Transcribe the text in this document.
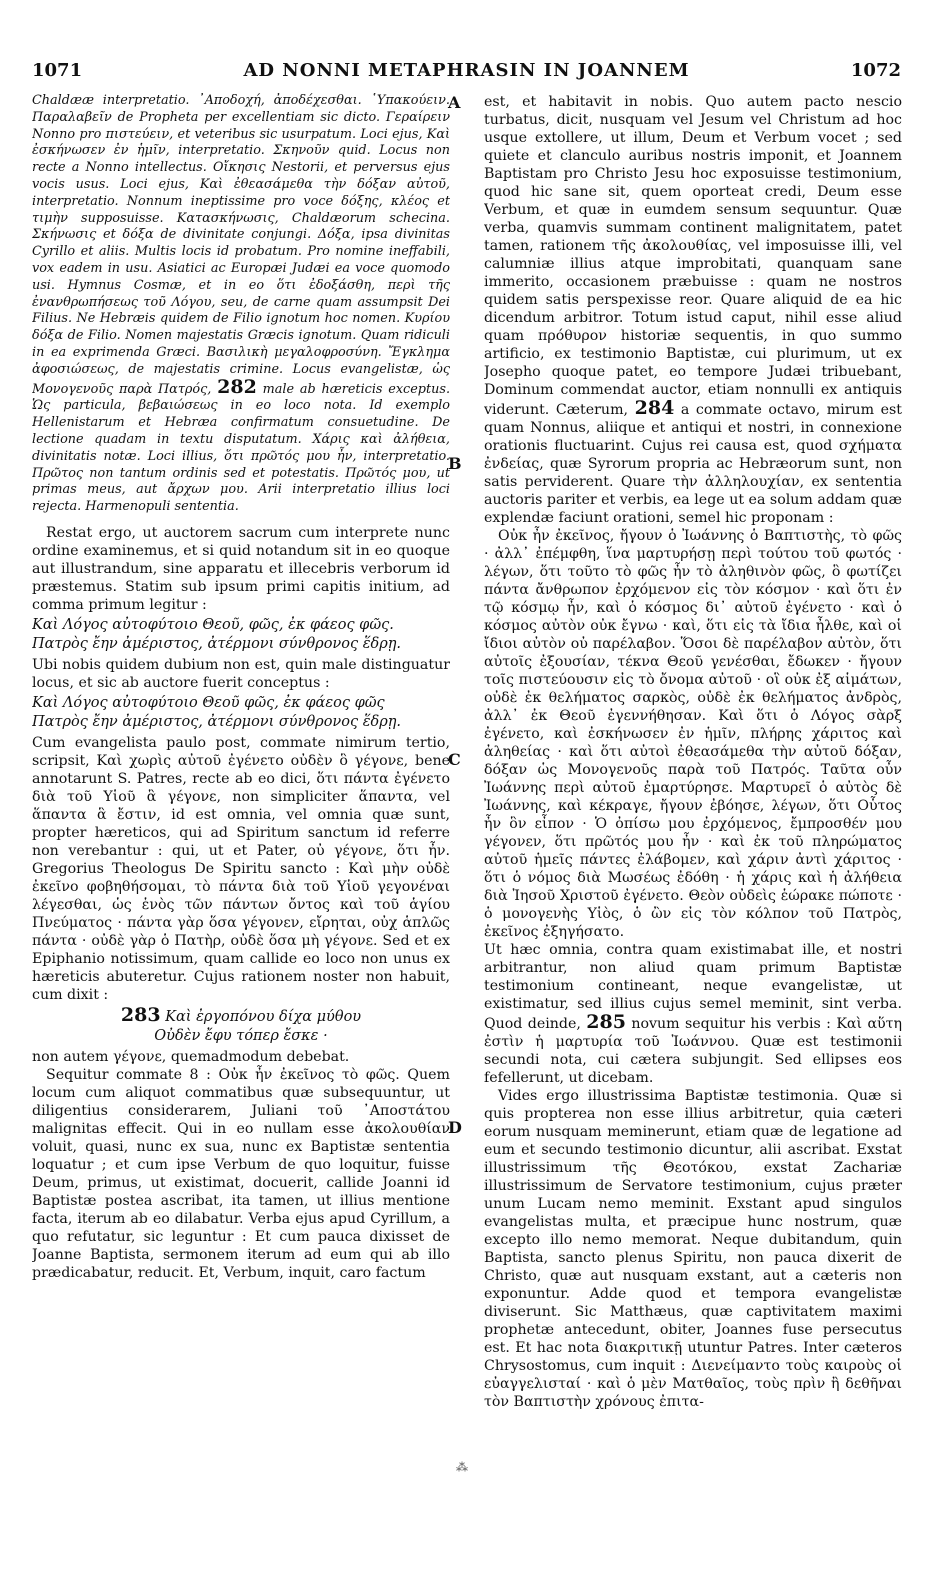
1071	AD NONNI METAPHRASIN IN JOANNEM	1072
A
B
C
D

Chaldææ interpretatio. ᾿Αποδοχή, ἀποδέχεσθαι. ῾Υπακούειν. Παραλαβεῖν de Propheta per excellentiam sic dicto. Γεραίρειν Nonno pro πιστεύειν, et veteribus sic usurpatum. Loci ejus, Καὶ ἐσκήνωσεν ἐν ἡμῖν, interpretatio. Σκηνοῦν quid. Locus non recte a Nonno intellectus. Οἴκησις Nestorii, et perversus ejus vocis usus. Loci ejus, Καὶ ἐθεασάμεθα τὴν δόξαν αὐτοῦ, interpretatio. Nonnum ineptissime pro voce δόξης, κλέος et τιμὴν supposuisse. Κατασκήνωσις, Chaldæorum schecina. Σκήνωσις et δόξα de divinitate conjungi. Δόξα, ipsa divinitas Cyrillo et aliis. Multis locis id probatum. Pro nomine ineffabili, vox eadem in usu. Asiatici ac Europæi Judæi ea voce quomodo usi. Hymnus Cosmæ, et in eo ὅτι ἐδοξάσθη, περὶ τῆς ἐνανθρωπήσεως τοῦ Λόγου, seu, de carne quam assumpsit Dei Filius. Ne Hebræis quidem de Filio ignotum hoc nomen. Κυρίου δόξα de Filio. Nomen majestatis Græcis ignotum. Quam ridiculi in ea exprimenda Græci. Βασιλικὴ μεγαλοφροσύνη. Ἔγκλημα ἀφοσιώσεως, de majestatis crimine. Locus evangelistæ, ὡς Μονογενοῦς παρὰ Πατρός, 282 male ab hæreticis exceptus. Ὡς particula, βεβαιώσεως in eo loco nota. Id exemplo Hellenistarum et Hebræa confirmatum consuetudine. De lectione quadam in textu disputatum. Χάρις καὶ ἀλήθεια, divinitatis notæ. Loci illius, ὅτι πρῶτός μου ἦν, interpretatio. Πρῶτος non tantum ordinis sed et potestatis. Πρῶτός μου, ut primas meus, aut ἄρχων μου. Arii interpretatio illius loci rejecta. Harmenopuli sententia.

Restat ergo, ut auctorem sacrum cum interprete nunc ordine examinemus, et si quid notandum sit in eo quoque aut illustrandum, sine apparatu et illecebris verborum id præstemus. Statim sub ipsum primi capitis initium, ad comma primum legitur :

Καὶ Λόγος αὐτοφύτοιο Θεοῦ, φῶς, ἐκ φάεος φῶς.
Πατρὸς ἔην ἀμέριστος, ἀτέρμονι σύνθρονος ἕδρῃ.

Ubi nobis quidem dubium non est, quin male distinguatur locus, et sic ab auctore fuerit conceptus :

Καὶ Λόγος αὐτοφύτοιο Θεοῦ φῶς, ἐκ φάεος φῶς
Πατρὸς ἔην ἀμέριστος, ἀτέρμονι σύνθρονος ἕδρῃ.

Cum evangelista paulo post, commate nimirum tertio, scripsit, Καὶ χωρὶς αὐτοῦ ἐγένετο οὐδὲν ὃ γέγονε, bene annotarunt S. Patres, recte ab eo dici, ὅτι πάντα ἐγένετο διὰ τοῦ Υἱοῦ ἃ γέγονε, non simpliciter ἅπαντα, vel ἅπαντα ἃ ἔστιν, id est omnia, vel omnia quæ sunt, propter hæreticos, qui ad Spiritum sanctum id referre non verebantur : qui, ut et Pater, οὐ γέγονε, ὅτι ἦν. Gregorius Theologus De Spiritu sancto : Καὶ μὴν οὐδὲ ἐκεῖνο φοβηθήσομαι, τὸ πάντα διὰ τοῦ Υἱοῦ γεγονέναι λέγεσθαι, ὡς ἑνὸς τῶν πάντων ὄντος καὶ τοῦ ἁγίου Πνεύματος · πάντα γὰρ ὅσα γέγονεν, εἴρηται, οὐχ ἁπλῶς πάντα · οὐδὲ γὰρ ὁ Πατὴρ, οὐδὲ ὅσα μὴ γέγονε. Sed et ex Epiphanio notissimum, quam callide eo loco non unus ex hæreticis abuteretur. Cujus rationem noster non habuit, cum dixit :

283 Καὶ ἐργοπόνου δίχα μύθου
Οὐδὲν ἔφυ τόπερ ἔσκε ·

non autem γέγονε, quemadmodum debebat.

Sequitur commate 8 : Οὐκ ἦν ἐκεῖνος τὸ φῶς. Quem locum cum aliquot commatibus quæ subsequuntur, ut diligentius considerarem, Juliani τοῦ ᾿Αποστάτου malignitas effecit. Qui in eo nullam esse ἀκολουθίαν voluit, quasi, nunc ex sua, nunc ex Baptistæ sententia loquatur ; et cum ipse Verbum de quo loquitur, fuisse Deum, primus, ut existimat, docuerit, callide Joanni id Baptistæ postea ascribat, ita tamen, ut illius mentione facta, iterum ab eo dilabatur. Verba ejus apud Cyrillum, a quo refutatur, sic leguntur : Et cum pauca dixisset de Joanne Baptista, sermonem iterum ad eum qui ab illo prædicabatur, reducit. Et, Verbum, inquit, caro factum

est, et habitavit in nobis. Quo autem pacto nescio turbatus, dicit, nusquam vel Jesum vel Christum ad hoc usque extollere, ut illum, Deum et Verbum vocet ; sed quiete et clanculo auribus nostris imponit, et Joannem Baptistam pro Christo Jesu hoc exposuisse testimonium, quod hic sane sit, quem oporteat credi, Deum esse Verbum, et quæ in eumdem sensum sequuntur. Quæ verba, quamvis summam continent malignitatem, patet tamen, rationem τῆς ἀκολουθίας, vel imposuisse illi, vel calumniæ illius atque improbitati, quanquam sane immerito, occasionem præbuisse : quam ne nostros quidem satis perspexisse reor. Quare aliquid de ea hic dicendum arbitror. Totum istud caput, nihil esse aliud quam πρόθυρον historiæ sequentis, in quo summo artificio, ex testimonio Baptistæ, cui plurimum, ut ex Josepho quoque patet, eo tempore Judæi tribuebant, Dominum commendat auctor, etiam nonnulli ex antiquis viderunt. Cæterum, 284 a commate octavo, mirum est quam Nonnus, aliique et antiqui et nostri, in connexione orationis fluctuarint. Cujus rei causa est, quod σχήματα ἐνδείας, quæ Syrorum propria ac Hebræorum sunt, non satis perviderent. Quare τὴν ἀλληλουχίαν, ex sententia auctoris pariter et verbis, ea lege ut ea solum addam quæ explendæ faciunt orationi, semel hic proponam :

Οὐκ ἦν ἐκεῖνος, ἤγουν ὁ Ἰωάννης ὁ Βαπτιστὴς, τὸ φῶς · ἀλλ᾿ ἐπέμφθη, ἵνα μαρτυρήσῃ περὶ τούτου τοῦ φωτός · λέγων, ὅτι τοῦτο τὸ φῶς ἦν τὸ ἀληθινὸν φῶς, ὃ φωτίζει πάντα ἄνθρωπον ἐρχόμενον εἰς τὸν κόσμον · καὶ ὅτι ἐν τῷ κόσμῳ ἦν, καὶ ὁ κόσμος δι᾿ αὐτοῦ ἐγένετο · καὶ ὁ κόσμος αὐτὸν οὐκ ἔγνω · καὶ, ὅτι εἰς τὰ ἴδια ἦλθε, καὶ οἱ ἴδιοι αὐτὸν οὐ παρέλαβον. Ὅσοι δὲ παρέλαβον αὐτὸν, ὅτι αὐτοῖς ἐξουσίαν, τέκνα Θεοῦ γενέσθαι, ἔδωκεν · ἤγουν τοῖς πιστεύουσιν εἰς τὸ ὄνομα αὐτοῦ · οἳ οὐκ ἐξ αἱμάτων, οὐδὲ ἐκ θελήματος σαρκὸς, οὐδὲ ἐκ θελήματος ἀνδρὸς, ἀλλ᾿ ἐκ Θεοῦ ἐγεννήθησαν. Καὶ ὅτι ὁ Λόγος σὰρξ ἐγένετο, καὶ ἐσκήνωσεν ἐν ἡμῖν, πλήρης χάριτος καὶ ἀληθείας · καὶ ὅτι αὐτοὶ ἐθεασάμεθα τὴν αὐτοῦ δόξαν, δόξαν ὡς Μονογενοῦς παρὰ τοῦ Πατρός. Ταῦτα οὖν Ἰωάννης περὶ αὐτοῦ ἐμαρτύρησε. Μαρτυρεῖ ὁ αὐτὸς δὲ Ἰωάννης, καὶ κέκραγε, ἤγουν ἐβόησε, λέγων, ὅτι Οὗτος ἦν ὃν εἶπον · Ὁ ὀπίσω μου ἐρχόμενος, ἔμπροσθέν μου γέγονεν, ὅτι πρῶτός μου ἦν · καὶ ἐκ τοῦ πληρώματος αὐτοῦ ἡμεῖς πάντες ἐλάβομεν, καὶ χάριν ἀντὶ χάριτος · ὅτι ὁ νόμος διὰ Μωσέως ἐδόθη · ἡ χάρις καὶ ἡ ἀλήθεια διὰ Ἰησοῦ Χριστοῦ ἐγένετο. Θεὸν οὐδεὶς ἑώρακε πώποτε · ὁ μονογενὴς Υἱὸς, ὁ ὢν εἰς τὸν κόλπον τοῦ Πατρὸς, ἐκεῖνος ἐξηγήσατο.

Ut hæc omnia, contra quam existimabat ille, et nostri arbitrantur, non aliud quam primum Baptistæ testimonium contineant, neque evangelistæ, ut existimatur, sed illius cujus semel meminit, sint verba. Quod deinde, 285 novum sequitur his verbis : Καὶ αὕτη ἐστὶν ἡ μαρτυρία τοῦ Ἰωάννου. Quæ est testimonii secundi nota, cui cætera subjungit. Sed ellipses eos fefellerunt, ut dicebam.

Vides ergo illustrissima Baptistæ testimonia. Quæ si quis propterea non esse illius arbitretur, quia cæteri eorum nusquam meminerunt, etiam quæ de legatione ad eum et secundo testimonio dicuntur, alii ascribat. Exstat illustrissimum τῆς Θεοτόκου, exstat Zachariæ illustrissimum de Servatore testimonium, cujus præter unum Lucam nemo meminit. Exstant apud singulos evangelistas multa, et præcipue hunc nostrum, quæ excepto illo nemo memorat. Neque dubitandum, quin Baptista, sancto plenus Spiritu, non pauca dixerit de Christo, quæ aut nusquam exstant, aut a cæteris non exponuntur. Adde quod et tempora evangelistæ diviserunt. Sic Matthæus, quæ captivitatem maximi prophetæ antecedunt, obiter, Joannes fuse persecutus est. Et hac nota διακριτικῇ utuntur Patres. Inter cæteros Chrysostomus, cum inquit : Διενείμαντο τοὺς καιροὺς οἱ εὐαγγελισταί · καὶ ὁ μὲν Ματθαῖος, τοὺς πρὶν ἢ δεθῆναι τὸν Βαπτιστὴν χρόνους ἐπιτα-

⁂
